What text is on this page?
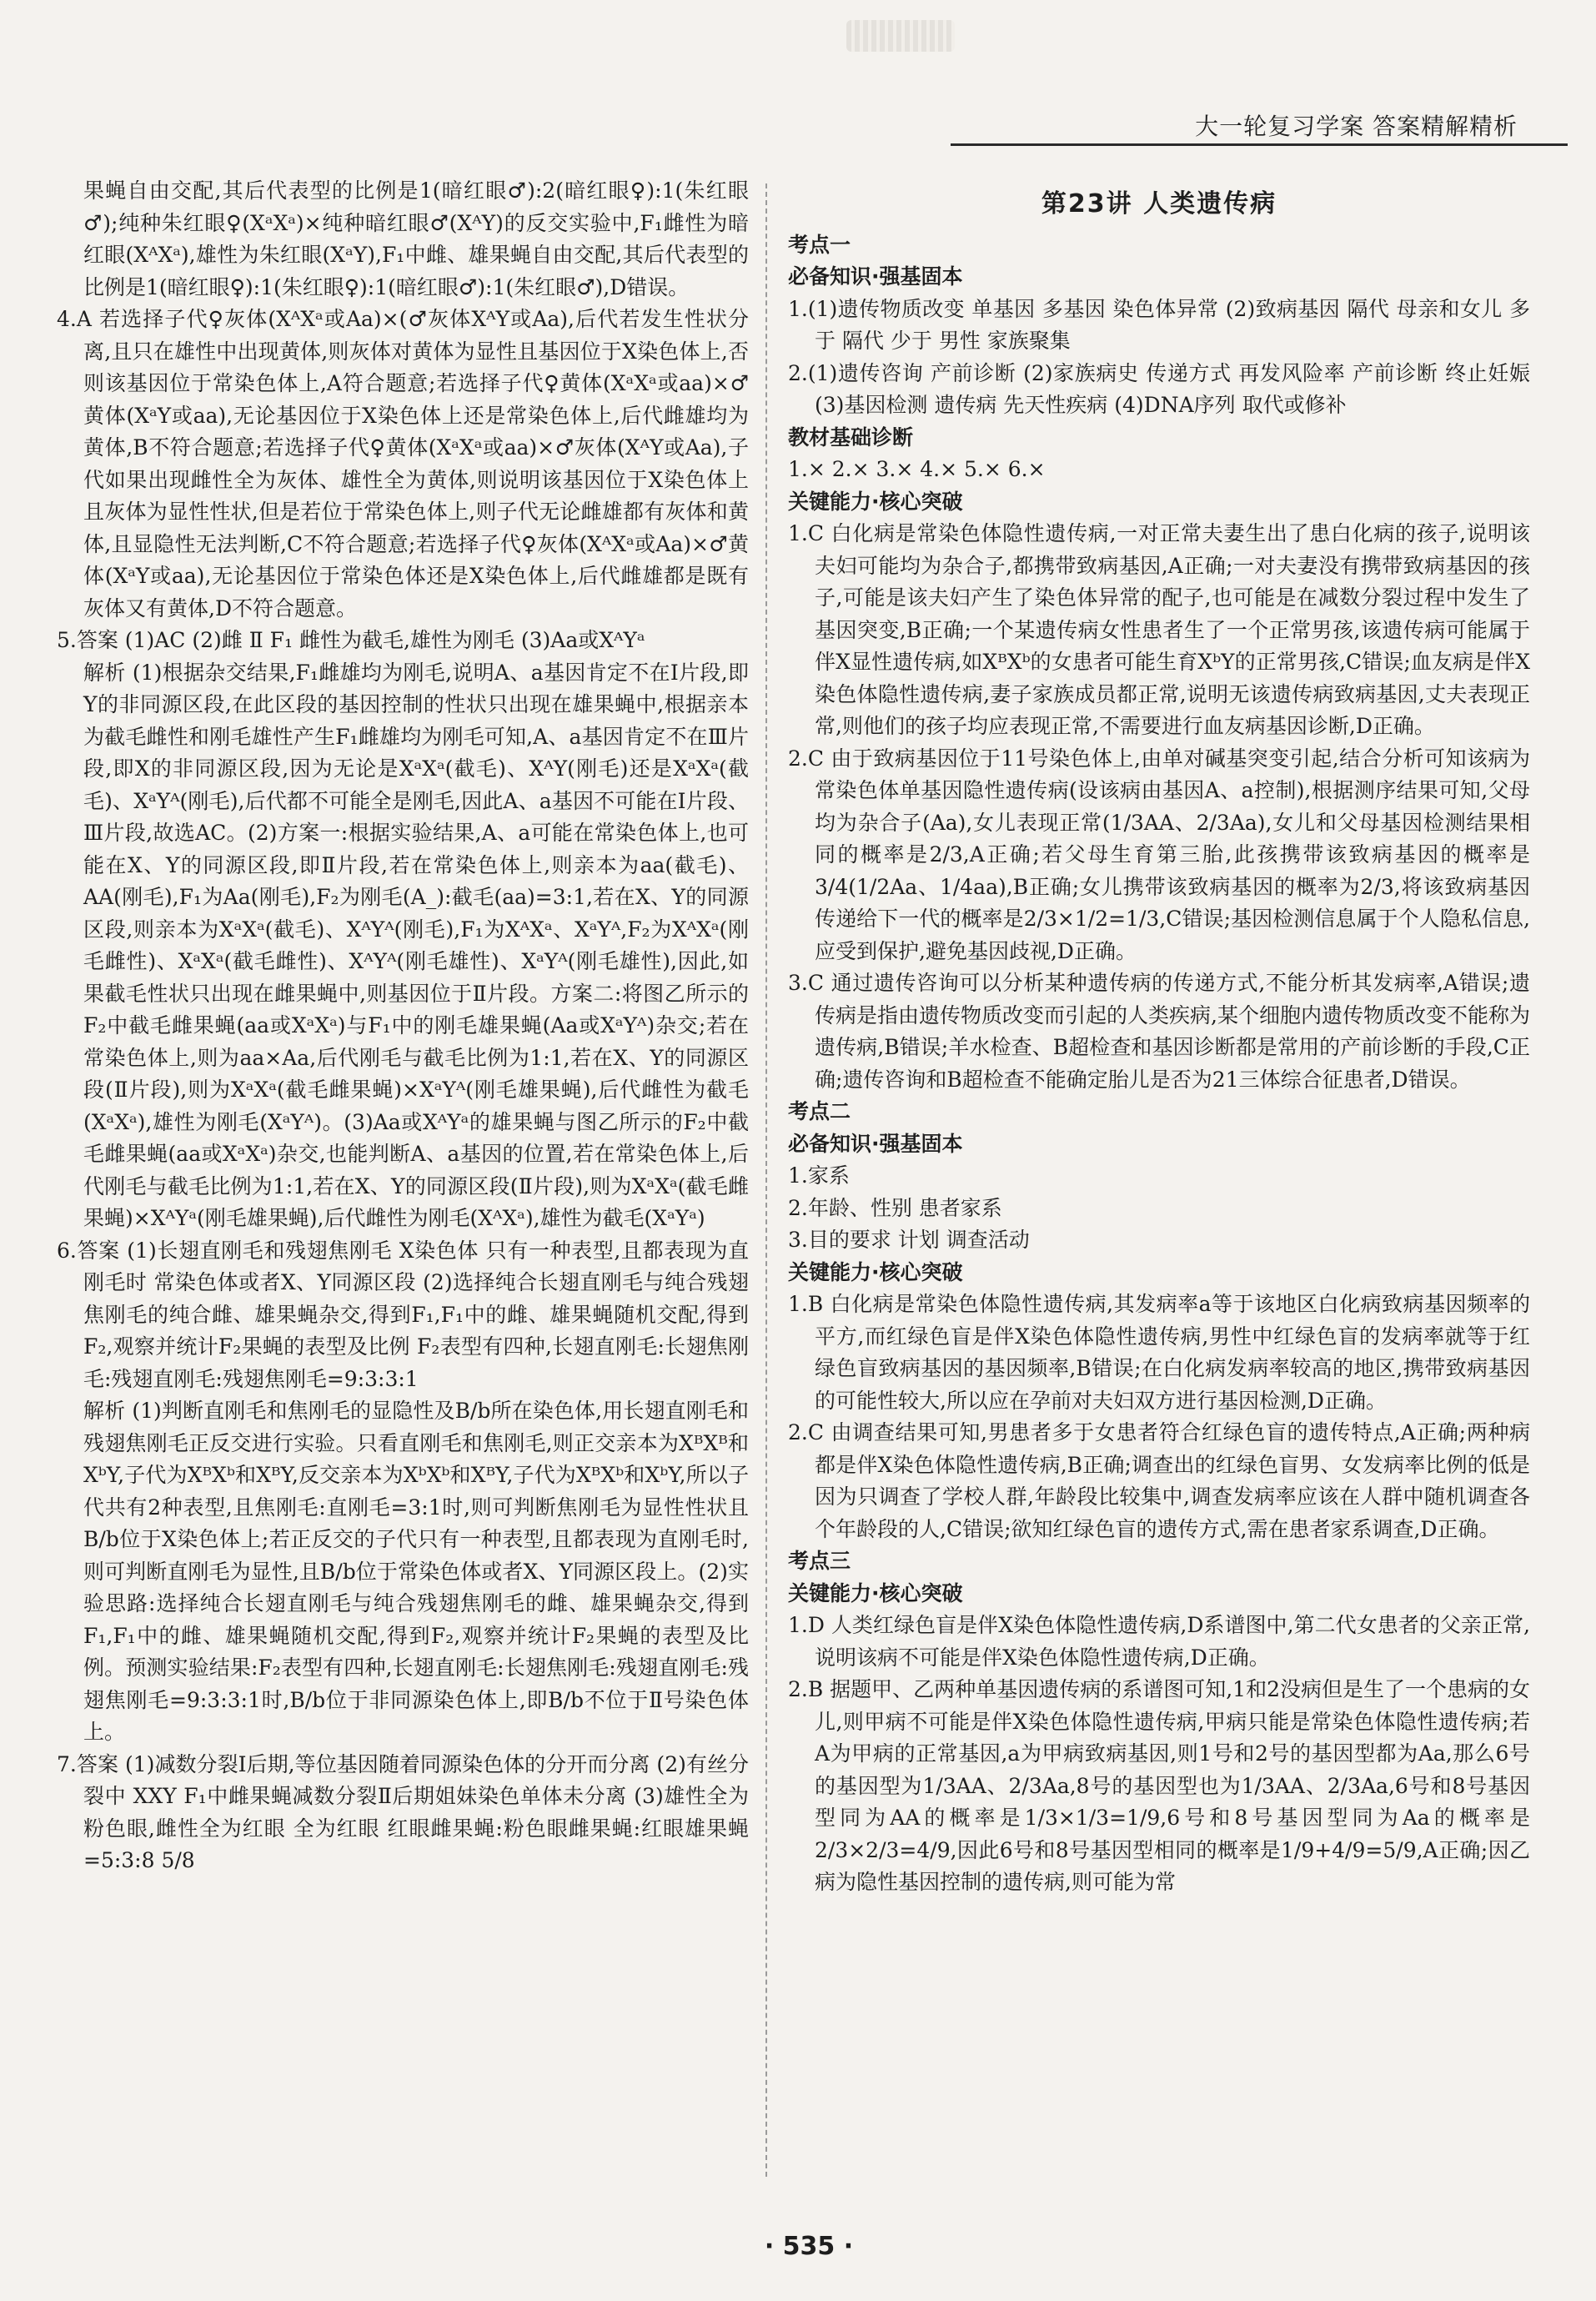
大一轮复习学案 答案精解精析

果蝇自由交配,其后代表型的比例是1(暗红眼♂):2(暗红眼♀):1(朱红眼♂);纯种朱红眼♀(XᵃXᵃ)×纯种暗红眼♂(XᴬY)的反交实验中,F₁雌性为暗红眼(XᴬXᵃ),雄性为朱红眼(XᵃY),F₁中雌、雄果蝇自由交配,其后代表型的比例是1(暗红眼♀):1(朱红眼♀):1(暗红眼♂):1(朱红眼♂),D错误。

4.A 若选择子代♀灰体(XᴬXᵃ或Aa)×(♂灰体XᴬY或Aa),后代若发生性状分离,且只在雄性中出现黄体,则灰体对黄体为显性且基因位于X染色体上,否则该基因位于常染色体上,A符合题意;若选择子代♀黄体(XᵃXᵃ或aa)×♂黄体(XᵃY或aa),无论基因位于X染色体上还是常染色体上,后代雌雄均为黄体,B不符合题意;若选择子代♀黄体(XᵃXᵃ或aa)×♂灰体(XᴬY或Aa),子代如果出现雌性全为灰体、雄性全为黄体,则说明该基因位于X染色体上且灰体为显性性状,但是若位于常染色体上,则子代无论雌雄都有灰体和黄体,且显隐性无法判断,C不符合题意;若选择子代♀灰体(XᴬXᵃ或Aa)×♂黄体(XᵃY或aa),无论基因位于常染色体还是X染色体上,后代雌雄都是既有灰体又有黄体,D不符合题意。

5.答案 (1)AC (2)雌 Ⅱ F₁ 雌性为截毛,雄性为刚毛 (3)Aa或XᴬYᵃ

解析 (1)根据杂交结果,F₁雌雄均为刚毛,说明A、a基因肯定不在Ⅰ片段,即Y的非同源区段,在此区段的基因控制的性状只出现在雄果蝇中,根据亲本为截毛雌性和刚毛雄性产生F₁雌雄均为刚毛可知,A、a基因肯定不在Ⅲ片段,即X的非同源区段,因为无论是XᵃXᵃ(截毛)、XᴬY(刚毛)还是XᵃXᵃ(截毛)、XᵃYᴬ(刚毛),后代都不可能全是刚毛,因此A、a基因不可能在Ⅰ片段、Ⅲ片段,故选AC。(2)方案一:根据实验结果,A、a可能在常染色体上,也可能在X、Y的同源区段,即Ⅱ片段,若在常染色体上,则亲本为aa(截毛)、AA(刚毛),F₁为Aa(刚毛),F₂为刚毛(A_):截毛(aa)=3:1,若在X、Y的同源区段,则亲本为XᵃXᵃ(截毛)、XᴬYᴬ(刚毛),F₁为XᴬXᵃ、XᵃYᴬ,F₂为XᴬXᵃ(刚毛雌性)、XᵃXᵃ(截毛雌性)、XᴬYᴬ(刚毛雄性)、XᵃYᴬ(刚毛雄性),因此,如果截毛性状只出现在雌果蝇中,则基因位于Ⅱ片段。方案二:将图乙所示的F₂中截毛雌果蝇(aa或XᵃXᵃ)与F₁中的刚毛雄果蝇(Aa或XᵃYᴬ)杂交;若在常染色体上,则为aa×Aa,后代刚毛与截毛比例为1:1,若在X、Y的同源区段(Ⅱ片段),则为XᵃXᵃ(截毛雌果蝇)×XᵃYᴬ(刚毛雄果蝇),后代雌性为截毛(XᵃXᵃ),雄性为刚毛(XᵃYᴬ)。(3)Aa或XᴬYᵃ的雄果蝇与图乙所示的F₂中截毛雌果蝇(aa或XᵃXᵃ)杂交,也能判断A、a基因的位置,若在常染色体上,后代刚毛与截毛比例为1:1,若在X、Y的同源区段(Ⅱ片段),则为XᵃXᵃ(截毛雌果蝇)×XᴬYᵃ(刚毛雄果蝇),后代雌性为刚毛(XᴬXᵃ),雄性为截毛(XᵃYᵃ)

6.答案 (1)长翅直刚毛和残翅焦刚毛 X染色体 只有一种表型,且都表现为直刚毛时 常染色体或者X、Y同源区段 (2)选择纯合长翅直刚毛与纯合残翅焦刚毛的纯合雌、雄果蝇杂交,得到F₁,F₁中的雌、雄果蝇随机交配,得到F₂,观察并统计F₂果蝇的表型及比例 F₂表型有四种,长翅直刚毛:长翅焦刚毛:残翅直刚毛:残翅焦刚毛=9:3:3:1

解析 (1)判断直刚毛和焦刚毛的显隐性及B/b所在染色体,用长翅直刚毛和残翅焦刚毛正反交进行实验。只看直刚毛和焦刚毛,则正交亲本为XᴮXᴮ和XᵇY,子代为XᴮXᵇ和XᴮY,反交亲本为XᵇXᵇ和XᴮY,子代为XᴮXᵇ和XᵇY,所以子代共有2种表型,且焦刚毛:直刚毛=3:1时,则可判断焦刚毛为显性性状且B/b位于X染色体上;若正反交的子代只有一种表型,且都表现为直刚毛时,则可判断直刚毛为显性,且B/b位于常染色体或者X、Y同源区段上。(2)实验思路:选择纯合长翅直刚毛与纯合残翅焦刚毛的雌、雄果蝇杂交,得到F₁,F₁中的雌、雄果蝇随机交配,得到F₂,观察并统计F₂果蝇的表型及比例。预测实验结果:F₂表型有四种,长翅直刚毛:长翅焦刚毛:残翅直刚毛:残翅焦刚毛=9:3:3:1时,B/b位于非同源染色体上,即B/b不位于Ⅱ号染色体上。

7.答案 (1)减数分裂Ⅰ后期,等位基因随着同源染色体的分开而分离 (2)有丝分裂中 XXY F₁中雌果蝇减数分裂Ⅱ后期姐妹染色单体未分离 (3)雄性全为粉色眼,雌性全为红眼 全为红眼 红眼雌果蝇:粉色眼雌果蝇:红眼雄果蝇=5:3:8 5/8

第23讲 人类遗传病
考点一
必备知识·强基固本

1.(1)遗传物质改变 单基因 多基因 染色体异常 (2)致病基因 隔代 母亲和女儿 多于 隔代 少于 男性 家族聚集

2.(1)遗传咨询 产前诊断 (2)家族病史 传递方式 再发风险率 产前诊断 终止妊娠 (3)基因检测 遗传病 先天性疾病 (4)DNA序列 取代或修补

教材基础诊断

1.× 2.× 3.× 4.× 5.× 6.×

关键能力·核心突破

1.C 白化病是常染色体隐性遗传病,一对正常夫妻生出了患白化病的孩子,说明该夫妇可能均为杂合子,都携带致病基因,A正确;一对夫妻没有携带致病基因的孩子,可能是该夫妇产生了染色体异常的配子,也可能是在减数分裂过程中发生了基因突变,B正确;一个某遗传病女性患者生了一个正常男孩,该遗传病可能属于伴X显性遗传病,如XᴮXᵇ的女患者可能生育XᵇY的正常男孩,C错误;血友病是伴X染色体隐性遗传病,妻子家族成员都正常,说明无该遗传病致病基因,丈夫表现正常,则他们的孩子均应表现正常,不需要进行血友病基因诊断,D正确。

2.C 由于致病基因位于11号染色体上,由单对碱基突变引起,结合分析可知该病为常染色体单基因隐性遗传病(设该病由基因A、a控制),根据测序结果可知,父母均为杂合子(Aa),女儿表现正常(1/3AA、2/3Aa),女儿和父母基因检测结果相同的概率是2/3,A正确;若父母生育第三胎,此孩携带该致病基因的概率是3/4(1/2Aa、1/4aa),B正确;女儿携带该致病基因的概率为2/3,将该致病基因传递给下一代的概率是2/3×1/2=1/3,C错误;基因检测信息属于个人隐私信息,应受到保护,避免基因歧视,D正确。

3.C 通过遗传咨询可以分析某种遗传病的传递方式,不能分析其发病率,A错误;遗传病是指由遗传物质改变而引起的人类疾病,某个细胞内遗传物质改变不能称为遗传病,B错误;羊水检查、B超检查和基因诊断都是常用的产前诊断的手段,C正确;遗传咨询和B超检查不能确定胎儿是否为21三体综合征患者,D错误。

考点二
必备知识·强基固本

1.家系

2.年龄、性别 患者家系

3.目的要求 计划 调查活动

关键能力·核心突破

1.B 白化病是常染色体隐性遗传病,其发病率a等于该地区白化病致病基因频率的平方,而红绿色盲是伴X染色体隐性遗传病,男性中红绿色盲的发病率就等于红绿色盲致病基因的基因频率,B错误;在白化病发病率较高的地区,携带致病基因的可能性较大,所以应在孕前对夫妇双方进行基因检测,D正确。

2.C 由调查结果可知,男患者多于女患者符合红绿色盲的遗传特点,A正确;两种病都是伴X染色体隐性遗传病,B正确;调查出的红绿色盲男、女发病率比例的低是因为只调查了学校人群,年龄段比较集中,调查发病率应该在人群中随机调查各个年龄段的人,C错误;欲知红绿色盲的遗传方式,需在患者家系调查,D正确。

考点三
关键能力·核心突破

1.D 人类红绿色盲是伴X染色体隐性遗传病,D系谱图中,第二代女患者的父亲正常,说明该病不可能是伴X染色体隐性遗传病,D正确。

2.B 据题甲、乙两种单基因遗传病的系谱图可知,1和2没病但是生了一个患病的女儿,则甲病不可能是伴X染色体隐性遗传病,甲病只能是常染色体隐性遗传病;若A为甲病的正常基因,a为甲病致病基因,则1号和2号的基因型都为Aa,那么6号的基因型为1/3AA、2/3Aa,8号的基因型也为1/3AA、2/3Aa,6号和8号基因型同为AA的概率是1/3×1/3=1/9,6号和8号基因型同为Aa的概率是2/3×2/3=4/9,因此6号和8号基因型相同的概率是1/9+4/9=5/9,A正确;因乙病为隐性基因控制的遗传病,则可能为常

· 535 ·
